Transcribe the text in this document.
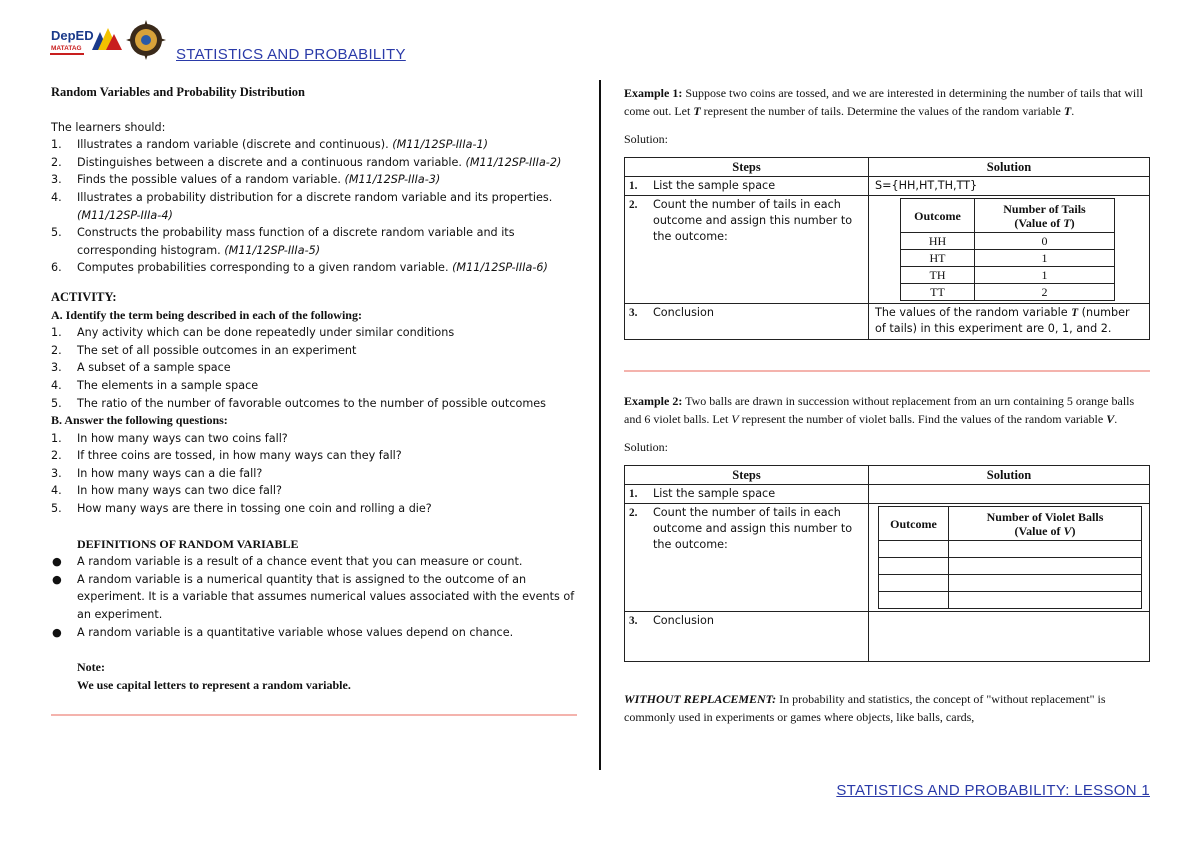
DepED
MATATAG	STATISTICS AND PROBABILITY
Random Variables and Probability Distribution
The learners should:
1.	Illustrates a random variable (discrete and continuous). (M11/12SP-IIIa-1)
2.	Distinguishes between a discrete and a continuous random variable. (M11/12SP-IIIa-2)
3.	Finds the possible values of a random variable. (M11/12SP-IIIa-3)
4.	Illustrates a probability distribution for a discrete random variable and its properties. (M11/12SP-IIIa-4)
5.	Constructs the probability mass function of a discrete random variable and its corresponding histogram. (M11/12SP-IIIa-5)
6.	Computes probabilities corresponding to a given random variable. (M11/12SP-IIIa-6)
ACTIVITY:
A. Identify the term being described in each of the following:
1.	Any activity which can be done repeatedly under similar conditions
2.	The set of all possible outcomes in an experiment
3.	A subset of a sample space
4.	The elements in a sample space
5.	The ratio of the number of favorable outcomes to the number of possible outcomes
B. Answer the following questions:
1.	In how many ways can two coins fall?
2.	If three coins are tossed, in how many ways can they fall?
3.	In how many ways can a die fall?
4.	In how many ways can two dice fall?
5.	How many ways are there in tossing one coin and rolling a die?
DEFINITIONS OF RANDOM VARIABLE
●	A random variable is a result of a chance event that you can measure or count.
●	A random variable is a numerical quantity that is assigned to the outcome of an experiment. It is a variable that assumes numerical values associated with the events of an experiment.
●	A random variable is a quantitative variable whose values depend on chance.
Note:
We use capital letters to represent a random variable.

Example 1: Suppose two coins are tossed, and we are interested in determining the number of tails that will come out. Let T represent the number of tails. Determine the values of the random variable T.

Solution:

Steps	Solution

1.	List the sample space	S={HH,HT,TH,TT}

2.	Count the number of tails in each outcome and assign this number to the outcome:

Outcome	Number of Tails
(Value of T)

HH	0
HT	1
TH	1
TT	2

3.	Conclusion	The values of the random variable T (number of tails) in this experiment are 0, 1, and 2.

Example 2: Two balls are drawn in succession without replacement from an urn containing 5 orange balls and 6 violet balls. Let V represent the number of violet balls. Find the values of the random variable V.

Solution:

Steps	Solution

1.	List the sample space

2.	Count the number of tails in each outcome and assign this number to the outcome:

Outcome	Number of Violet Balls
(Value of V)

3.	Conclusion

WITHOUT REPLACEMENT: In probability and statistics, the concept of "without replacement" is commonly used in experiments or games where objects, like balls, cards,

STATISTICS AND PROBABILITY: LESSON 1
